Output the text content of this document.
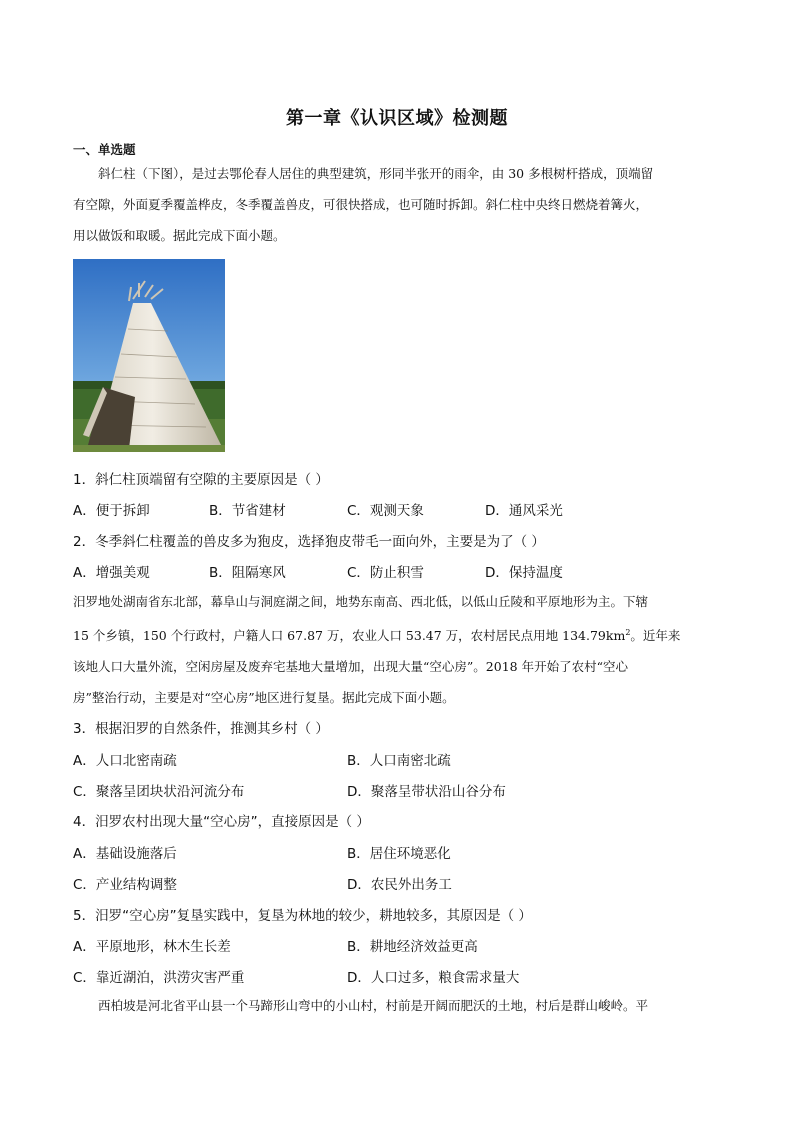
第一章《认识区域》检测题
一、单选题
斜仁柱（下图），是过去鄂伦春人居住的典型建筑，形同半张开的雨伞，由 30 多根树杆搭成，顶端留
有空隙，外面夏季覆盖桦皮，冬季覆盖兽皮，可很快搭成，也可随时拆卸。斜仁柱中央终日燃烧着篝火，
用以做饭和取暖。据此完成下面小题。
1．斜仁柱顶端留有空隙的主要原因是（ ）
A．便于拆卸	B．节省建材	C．观测天象	D．通风采光
2．冬季斜仁柱覆盖的兽皮多为狍皮，选择狍皮带毛一面向外，主要是为了（ ）
A．增强美观	B．阻隔寒风	C．防止积雪	D．保持温度
汨罗地处湖南省东北部，幕阜山与洞庭湖之间，地势东南高、西北低，以低山丘陵和平原地形为主。下辖
15 个乡镇，150 个行政村，户籍人口 67.87 万，农业人口 53.47 万，农村居民点用地 $134.79km^2$。近年来
该地人口大量外流，空闲房屋及废弃宅基地大量增加，出现大量“空心房”。2018 年开始了农村“空心
房”整治行动，主要是对“空心房”地区进行复垦。据此完成下面小题。
3．根据汨罗的自然条件，推测其乡村（ ）
A．人口北密南疏	B．人口南密北疏
C．聚落呈团块状沿河流分布	D．聚落呈带状沿山谷分布
4．汨罗农村出现大量“空心房”，直接原因是（ ）
A．基础设施落后	B．居住环境恶化
C．产业结构调整	D．农民外出务工
5．汨罗“空心房”复垦实践中，复垦为林地的较少，耕地较多，其原因是（ ）
A．平原地形，林木生长差	B．耕地经济效益更高
C．靠近湖泊，洪涝灾害严重	D．人口过多，粮食需求量大
西柏坡是河北省平山县一个马蹄形山弯中的小山村，村前是开阔而肥沃的土地，村后是群山峻岭。平
